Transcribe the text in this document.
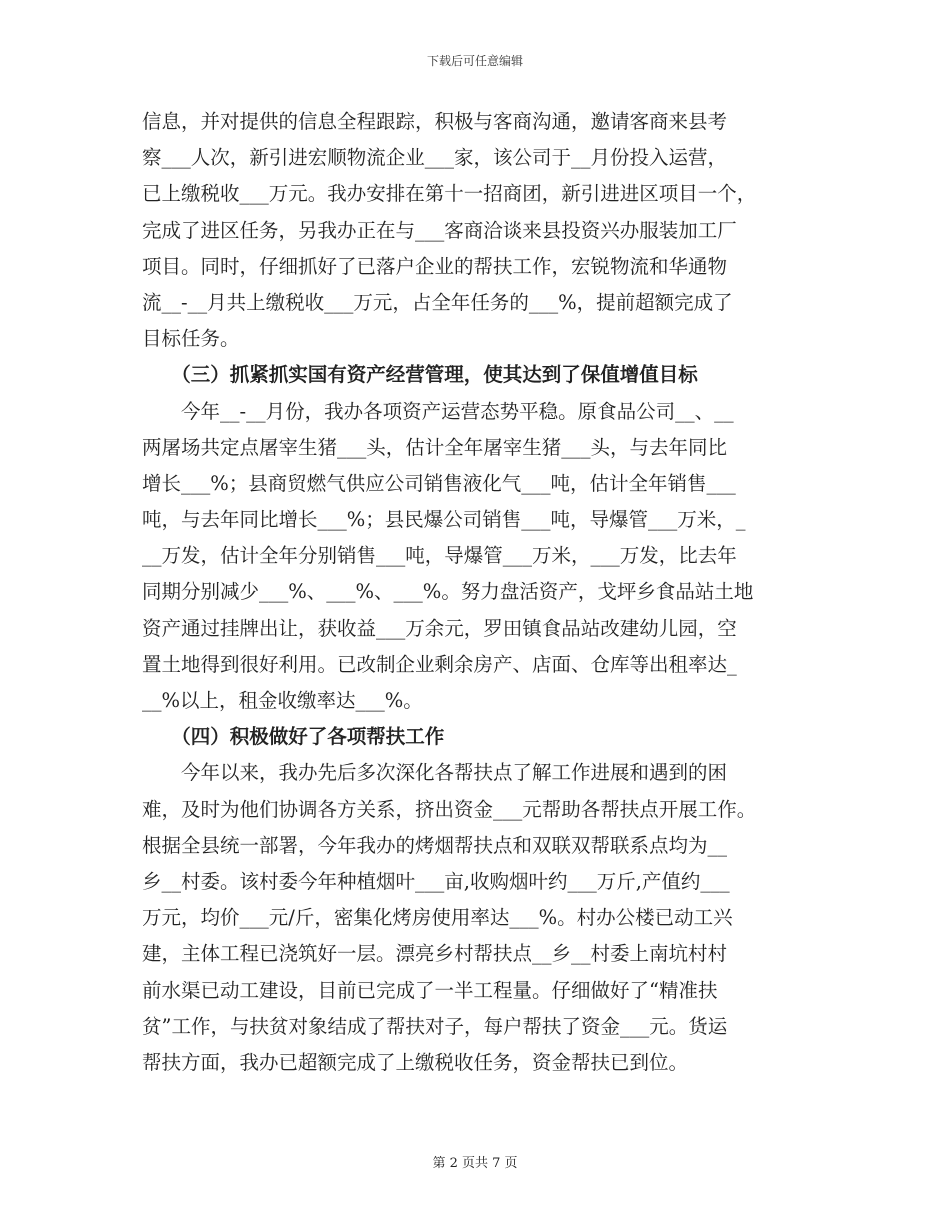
下载后可任意编辑
信息，并对提供的信息全程跟踪，积极与客商沟通，邀请客商来县考
察___人次，新引进宏顺物流企业___家，该公司于__月份投入运营，
已上缴税收___万元。我办安排在第十一招商团，新引进进区项目一个，
完成了进区任务，另我办正在与___客商洽谈来县投资兴办服装加工厂
项目。同时，仔细抓好了已落户企业的帮扶工作，宏锐物流和华通物
流__-__月共上缴税收___万元，占全年任务的___%，提前超额完成了
目标任务。
　　（三）抓紧抓实国有资产经营管理，使其达到了保值增值目标
　　今年__-__月份，我办各项资产运营态势平稳。原食品公司__、__
两屠场共定点屠宰生猪___头，估计全年屠宰生猪___头，与去年同比
增长___%；县商贸燃气供应公司销售液化气___吨，估计全年销售___
吨，与去年同比增长___%；县民爆公司销售___吨，导爆管___万米，_
__万发，估计全年分别销售___吨，导爆管___万米，___万发，比去年
同期分别减少___%、___%、___%。努力盘活资产，戈坪乡食品站土地
资产通过挂牌出让，获收益___万余元，罗田镇食品站改建幼儿园，空
置土地得到很好利用。已改制企业剩余房产、店面、仓库等出租率达_
__%以上，租金收缴率达___%。
　　（四）积极做好了各项帮扶工作
　　今年以来，我办先后多次深化各帮扶点了解工作进展和遇到的困
难，及时为他们协调各方关系，挤出资金___元帮助各帮扶点开展工作。
根据全县统一部署，今年我办的烤烟帮扶点和双联双帮联系点均为__
乡__村委。该村委今年种植烟叶___亩,收购烟叶约___万斤,产值约___
万元，均价___元/斤，密集化烤房使用率达___%。村办公楼已动工兴
建，主体工程已浇筑好一层。漂亮乡村帮扶点__乡__村委上南坑村村
前水渠已动工建设，目前已完成了一半工程量。仔细做好了“精准扶
贫”工作，与扶贫对象结成了帮扶对子，每户帮扶了资金___元。货运
帮扶方面，我办已超额完成了上缴税收任务，资金帮扶已到位。
第 2 页共 7 页
